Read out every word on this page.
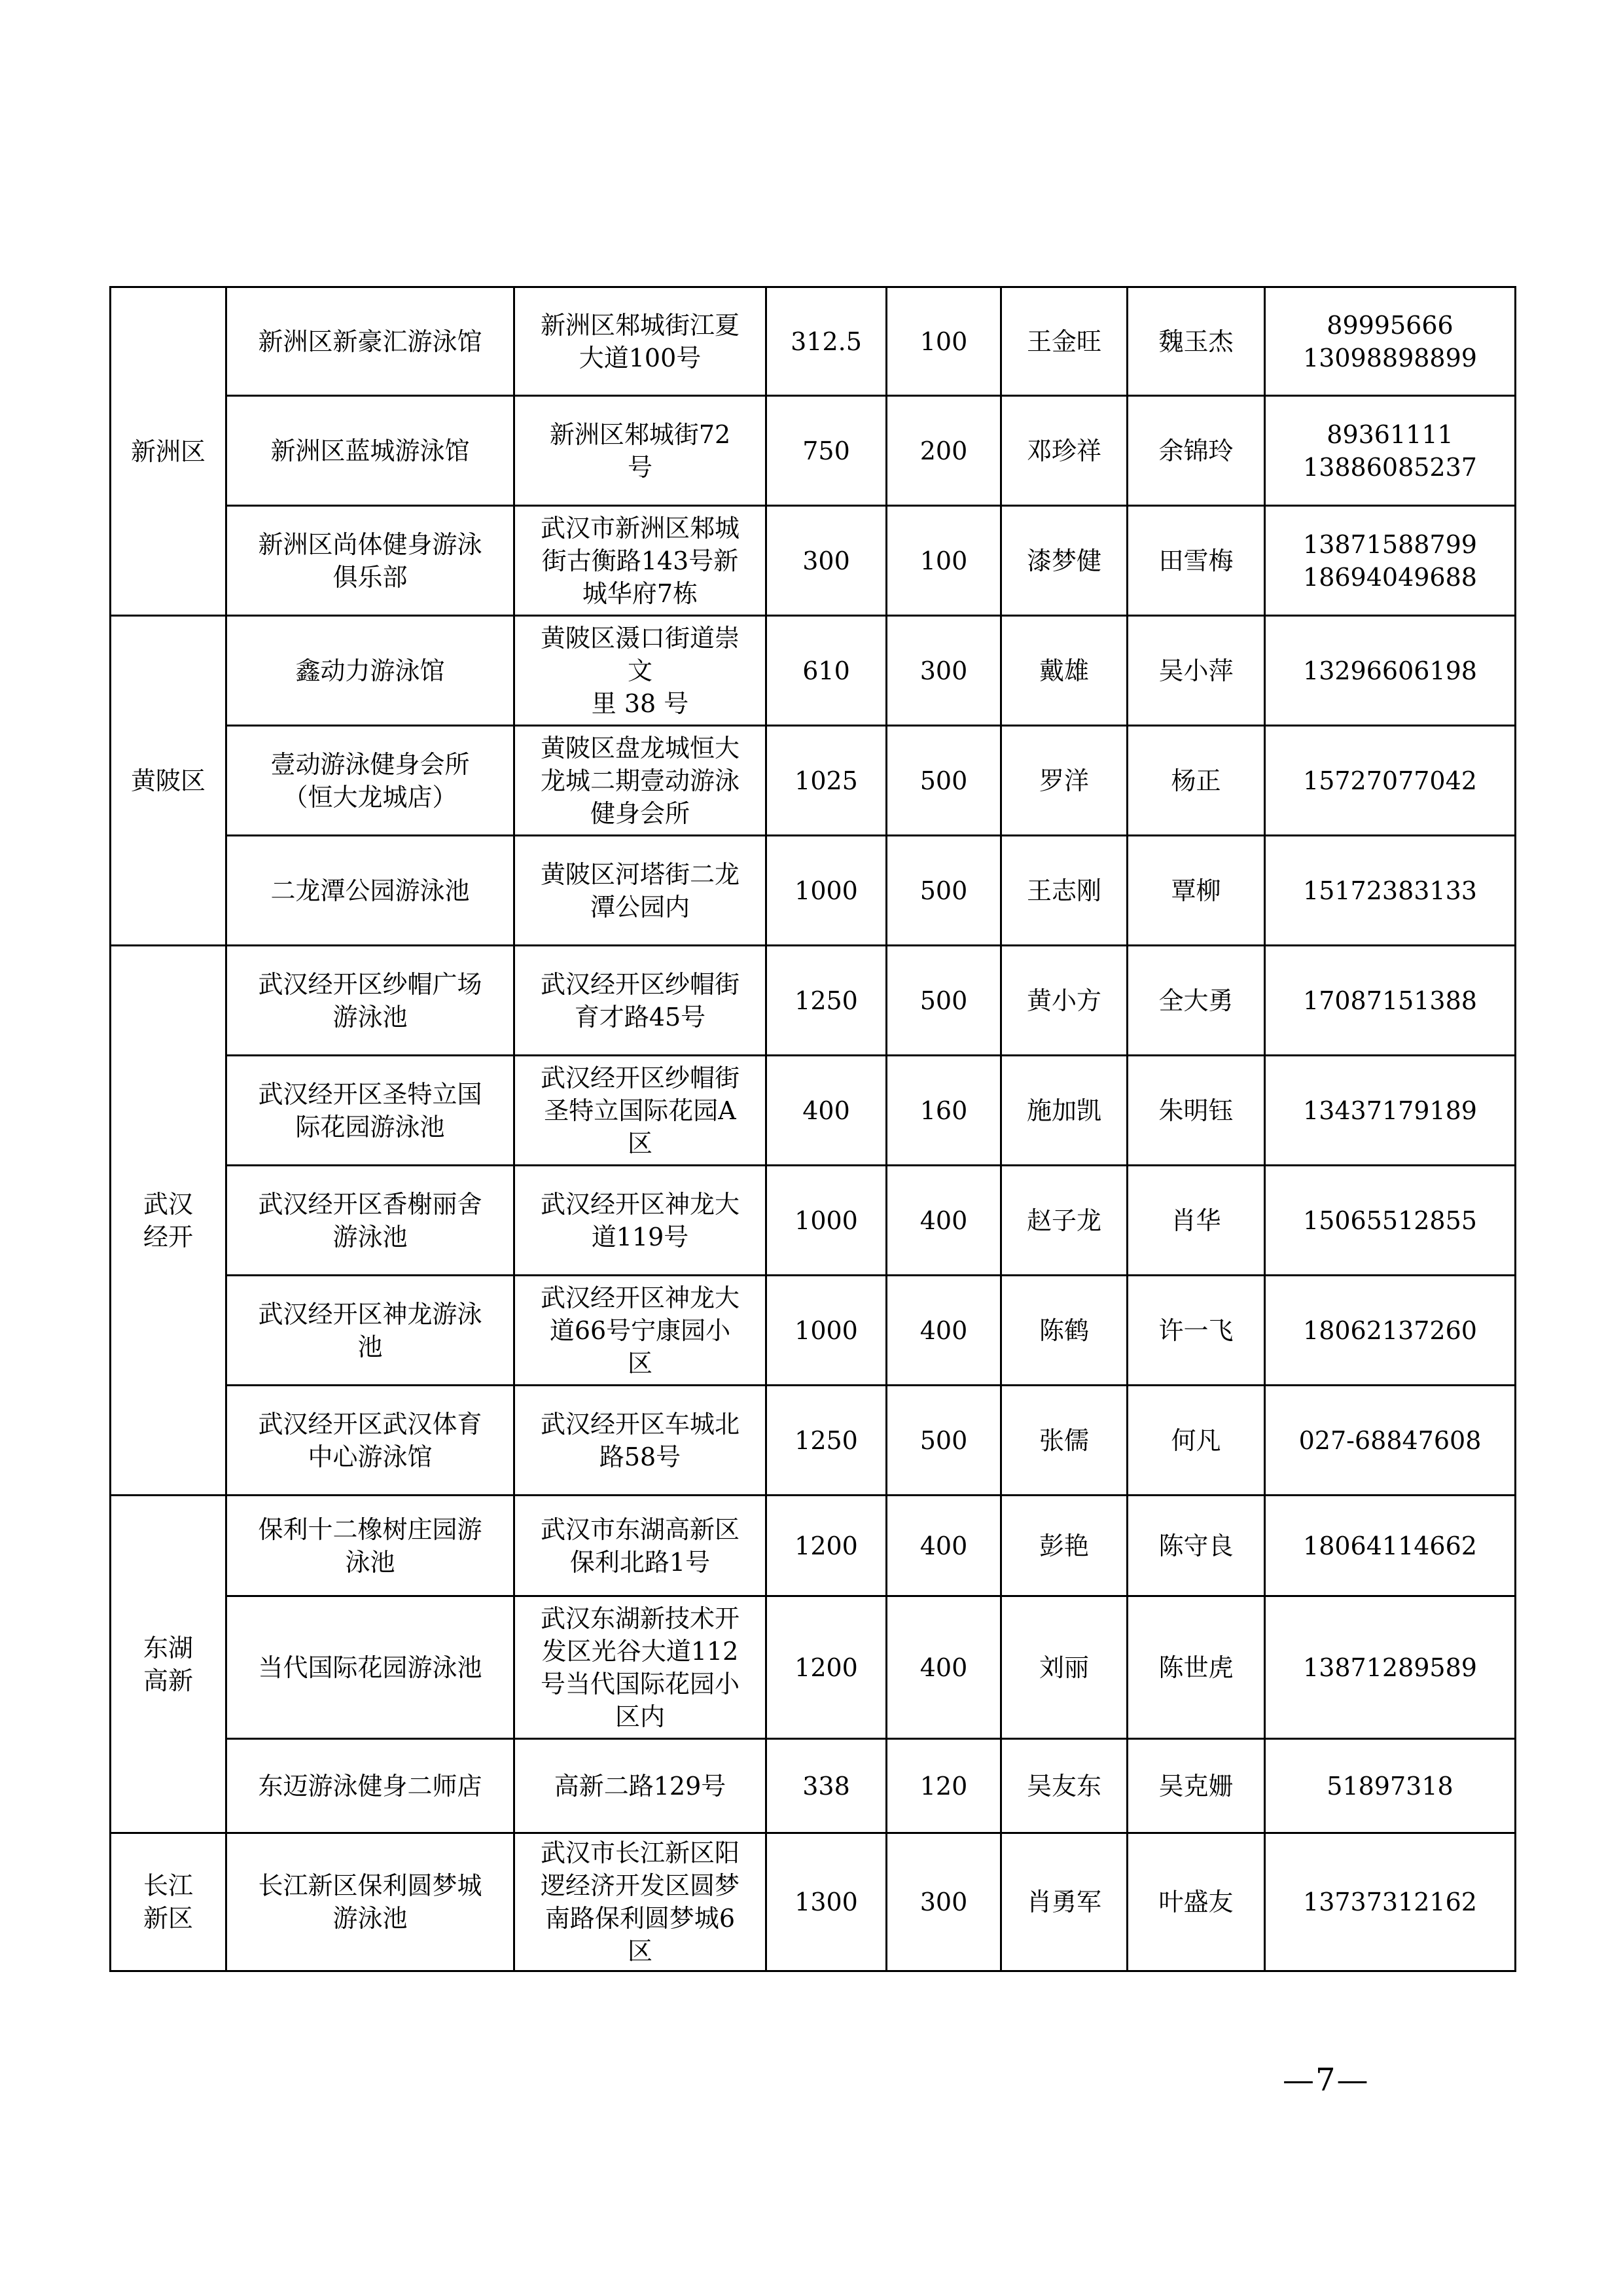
新洲区	新洲区新豪汇游泳馆	新洲区邾城街江夏
大道100号	312.5	100	王金旺	魏玉杰	89995666
13098898899
	新洲区蓝城游泳馆	新洲区邾城街72
号	750	200	邓珍祥	余锦玲	89361111
13886085237
	新洲区尚体健身游泳
俱乐部	武汉市新洲区邾城
街古衡路143号新
城华府7栋	300	100	漆梦健	田雪梅	13871588799
18694049688
黄陂区	鑫动力游泳馆	黄陂区滠口街道崇
文
里 38 号	610	300	戴雄	吴小萍	13296606198
	壹动游泳健身会所
（恒大龙城店）	黄陂区盘龙城恒大
龙城二期壹动游泳
健身会所	1025	500	罗洋	杨正	15727077042
	二龙潭公园游泳池	黄陂区河塔街二龙
潭公园内	1000	500	王志刚	覃柳	15172383133
武汉
经开	武汉经开区纱帽广场
游泳池	武汉经开区纱帽街
育才路45号	1250	500	黄小方	全大勇	17087151388
	武汉经开区圣特立国
际花园游泳池	武汉经开区纱帽街
圣特立国际花园A
区	400	160	施加凯	朱明钰	13437179189
	武汉经开区香榭丽舍
游泳池	武汉经开区神龙大
道119号	1000	400	赵子龙	肖华	15065512855
	武汉经开区神龙游泳
池	武汉经开区神龙大
道66号宁康园小
区	1000	400	陈鹤	许一飞	18062137260
	武汉经开区武汉体育
中心游泳馆	武汉经开区车城北
路58号	1250	500	张儒	何凡	027-68847608
东湖
高新	保利十二橡树庄园游
泳池	武汉市东湖高新区
保利北路1号	1200	400	彭艳	陈守良	18064114662
	当代国际花园游泳池	武汉东湖新技术开
发区光谷大道112
号当代国际花园小
区内	1200	400	刘丽	陈世虎	13871289589
	东迈游泳健身二师店	高新二路129号	338	120	吴友东	吴克姗	51897318
长江
新区	长江新区保利圆梦城
游泳池	武汉市长江新区阳
逻经济开发区圆梦
南路保利圆梦城6
区	1300	300	肖勇军	叶盛友	13737312162
—7—
